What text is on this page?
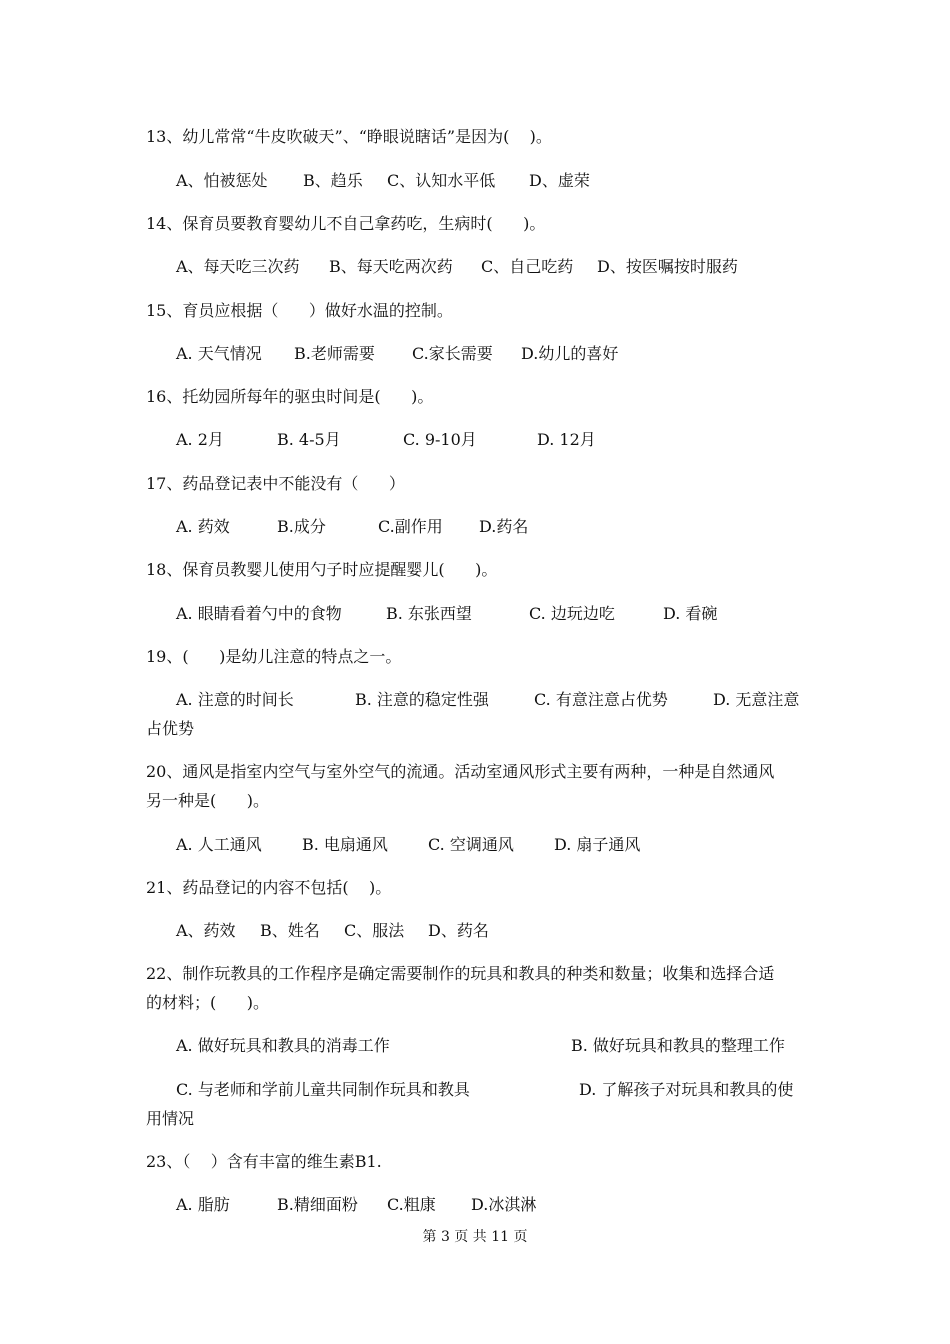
13、幼儿常常“牛皮吹破天”、“睁眼说瞎话”是因为(    )。
A、怕被惩处 B、趋乐 C、认知水平低 D、虚荣
14、保育员要教育婴幼儿不自己拿药吃，生病时(      )。
A、每天吃三次药 B、每天吃两次药 C、自己吃药 D、按医嘱按时服药
15、育员应根据（      ）做好水温的控制。
A. 天气情况 B.老师需要 C.家长需要 D.幼儿的喜好
16、托幼园所每年的驱虫时间是(      )。
A. 2月	B. 4-5月	C. 9-10月	D. 12月
17、药品登记表中不能没有（      ）
A. 药效	B.成分	C.副作用 D.药名
18、保育员教婴儿使用勺子时应提醒婴儿(      )。
A. 眼睛看着勺中的食物	B. 东张西望	C. 边玩边吃	D. 看碗
19、(      )是幼儿注意的特点之一。
A. 注意的时间长	B. 注意的稳定性强	C. 有意注意占优势	D. 无意注意
占优势
20、通风是指室内空气与室外空气的流通。活动室通风形式主要有两种，一种是自然通风
另一种是(      )。
A. 人工通风	B. 电扇通风	C. 空调通风	D. 扇子通风
21、药品登记的内容不包括(    )。
A、药效 B、姓名 C、服法 D、药名
22、制作玩教具的工作程序是确定需要制作的玩具和教具的种类和数量；收集和选择合适
的材料；(      )。
A. 做好玩具和教具的消毒工作	B. 做好玩具和教具的整理工作
C. 与老师和学前儿童共同制作玩具和教具	D. 了解孩子对玩具和教具的使
用情况
23、（    ）含有丰富的维生素B1.
A. 脂肪	B.精细面粉 C.粗康 D.冰淇淋
第 3 页 共 11 页
